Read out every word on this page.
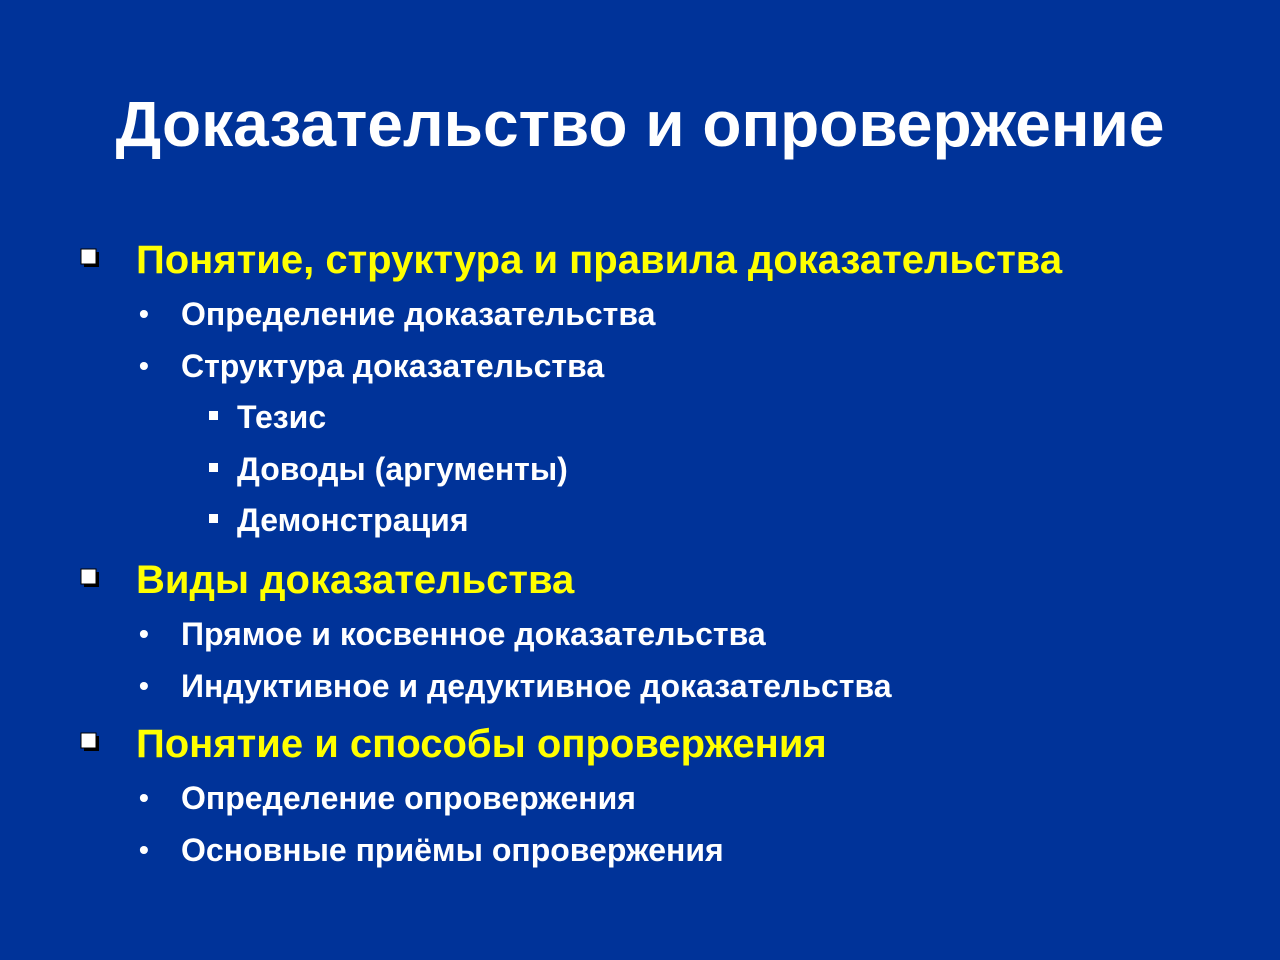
Доказательство и опровержение
Понятие, структура и правила доказательства
• Определение доказательства
• Структура доказательства
Тезис
Доводы (аргументы)
Демонстрация
Виды доказательства
• Прямое и косвенное доказательства
• Индуктивное и дедуктивное доказательства
Понятие и способы опровержения
• Определение опровержения
• Основные приёмы опровержения
